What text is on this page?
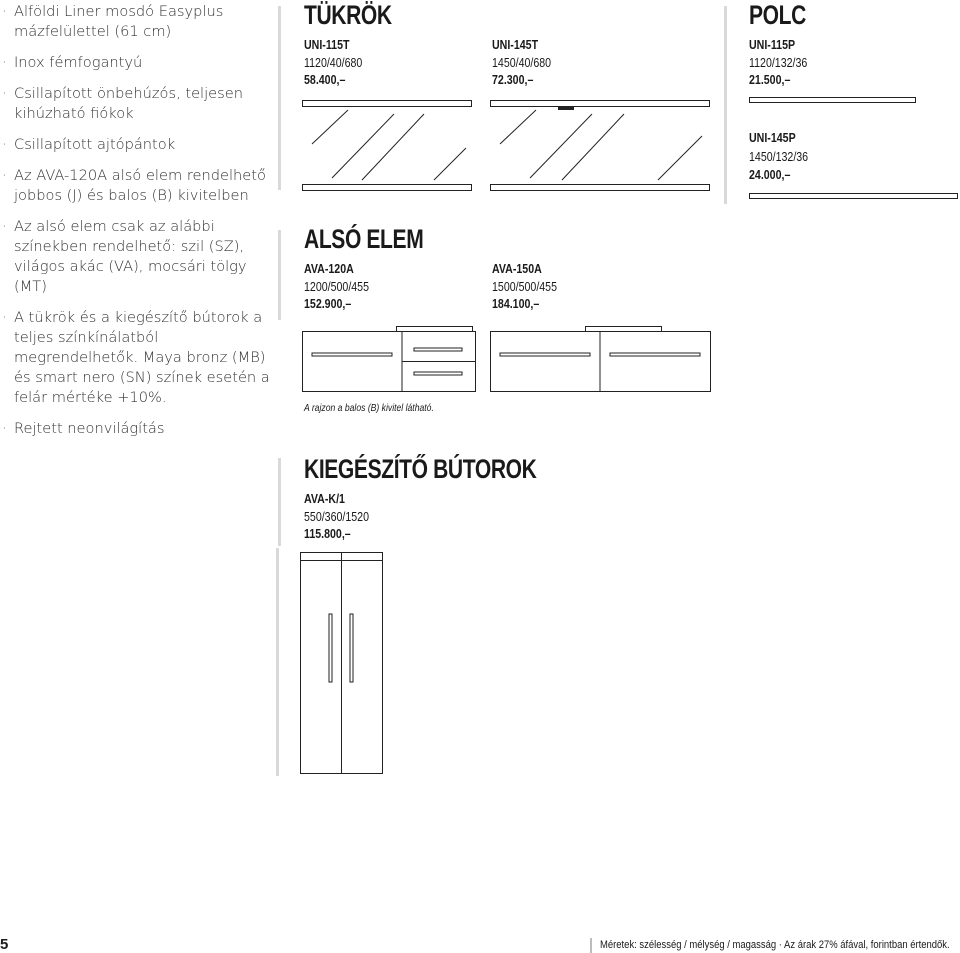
· Alföldi Liner mosdó Easyplus mázfelülettel (61 cm)
· Inox fémfogantyú
· Csillapított önbehúzós, teljesen kihúzható fiókok
· Csillapított ajtópántok
· Az AVA-120A alsó elem rendelhető jobbos (J) és balos (B) kivitelben
· Az alsó elem csak az alábbi színekben rendelhető: szil (SZ), világos akác (VA), mocsári tölgy (MT)
· A tükrök és a kiegészítő bútorok a teljes színkínálatból megrendelhetők. Maya bronz (MB) és smart nero (SN) színek esetén a felár mértéke +10%.
· Rejtett neonvilágítás
TÜKRÖK
UNI-115T
1120/40/680
58.400,–
UNI-145T
1450/40/680
72.300,–
POLC
UNI-115P
1120/132/36
21.500,–
UNI-145P
1450/132/36
24.000,–
ALSÓ ELEM
AVA-120A
1200/500/455
152.900,–
AVA-150A
1500/500/455
184.100,–
A rajzon a balos (B) kivitel látható.
KIEGÉSZÍTŐ BÚTOROK
AVA-K/1
550/360/1520
115.800,–
5	Méretek: szélesség / mélység / magasság · Az árak 27% áfával, forintban értendők.
